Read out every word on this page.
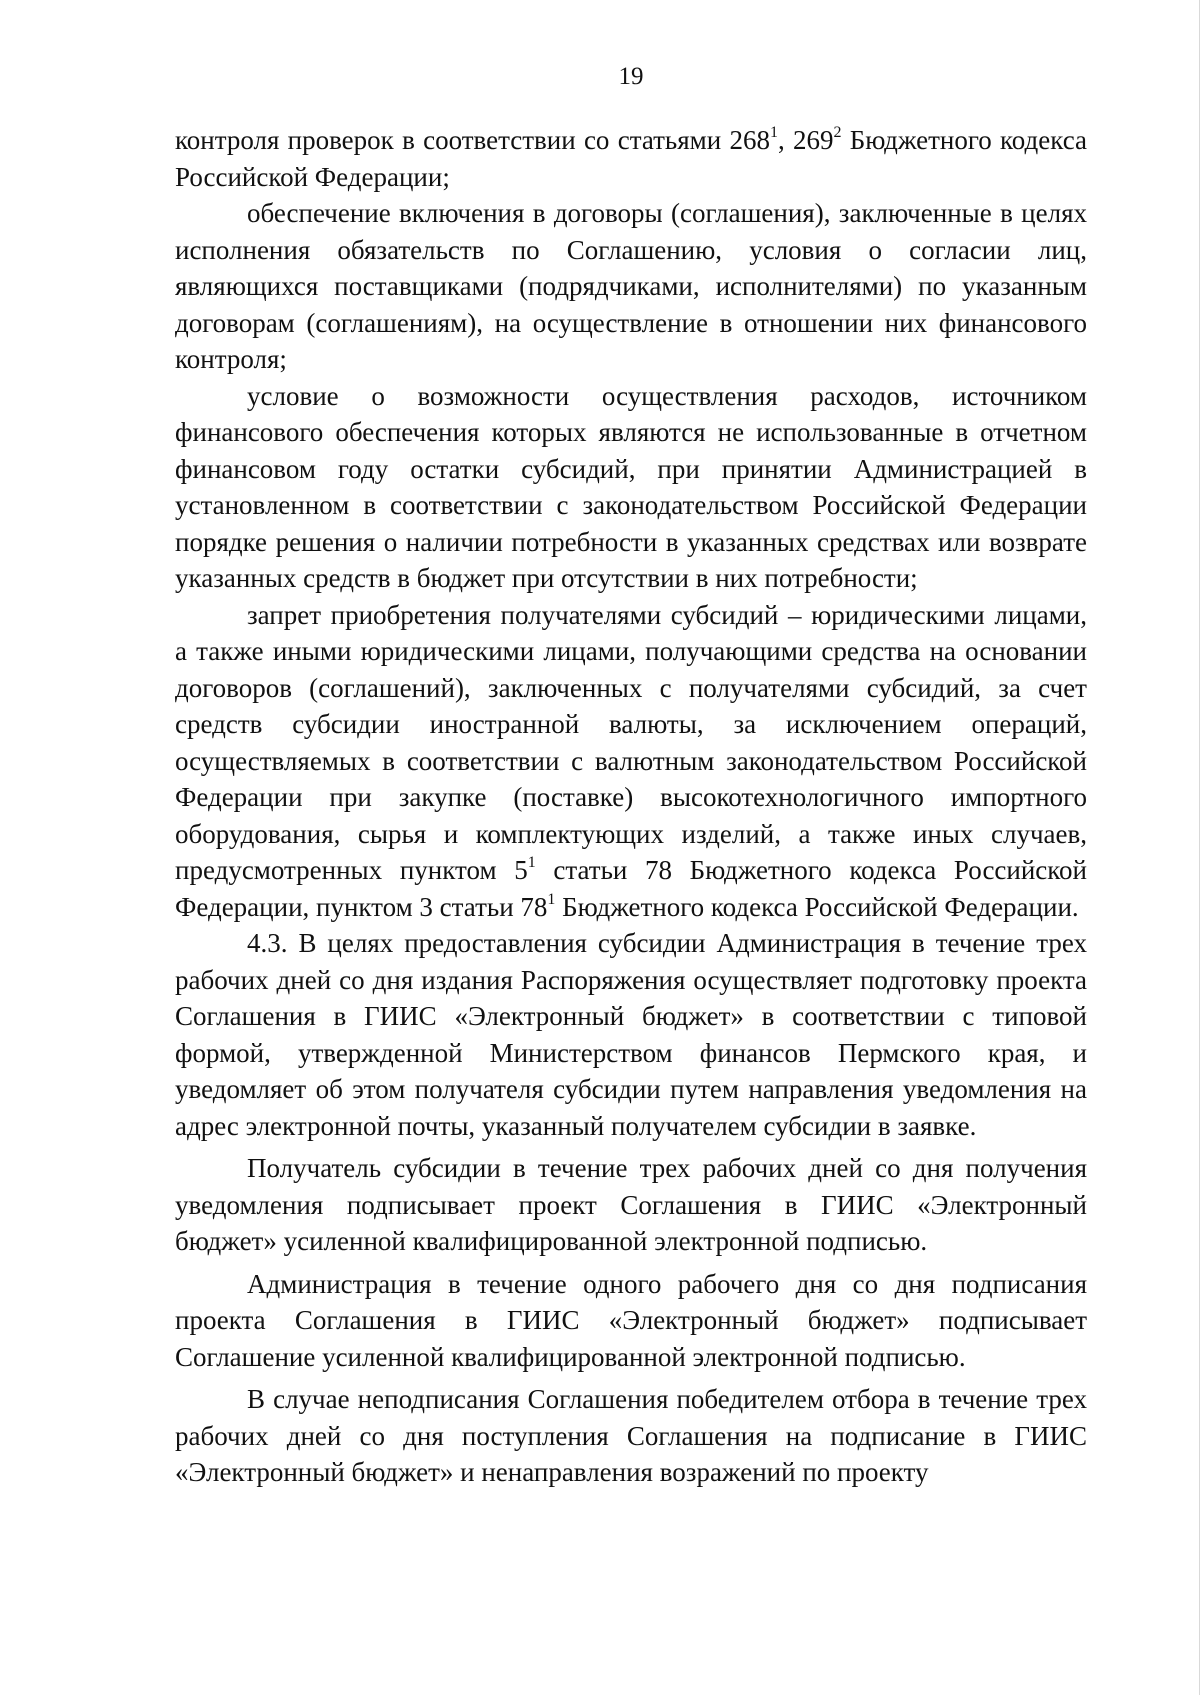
19

контроля проверок в соответствии со статьями $268^1$, $269^2$ Бюджетного кодекса Российской Федерации;

обеспечение включения в договоры (соглашения), заключенные в целях исполнения обязательств по Соглашению, условия о согласии лиц, являющихся поставщиками (подрядчиками, исполнителями) по указанным договорам (соглашениям), на осуществление в отношении них финансового контроля;

условие о возможности осуществления расходов, источником финансового обеспечения которых являются не использованные в отчетном финансовом году остатки субсидий, при принятии Администрацией в установленном в соответствии с законодательством Российской Федерации порядке решения о наличии потребности в указанных средствах или возврате указанных средств в бюджет при отсутствии в них потребности;

запрет приобретения получателями субсидий – юридическими лицами, а также иными юридическими лицами, получающими средства на основании договоров (соглашений), заключенных с получателями субсидий, за счет средств субсидии иностранной валюты, за исключением операций, осуществляемых в соответствии с валютным законодательством Российской Федерации при закупке (поставке) высокотехнологичного импортного оборудования, сырья и комплектующих изделий, а также иных случаев, предусмотренных пунктом $5^1$ статьи 78 Бюджетного кодекса Российской Федерации, пунктом 3 статьи $78^1$ Бюджетного кодекса Российской Федерации.

4.3. В целях предоставления субсидии Администрация в течение трех рабочих дней со дня издания Распоряжения осуществляет подготовку проекта Соглашения в ГИИС «Электронный бюджет» в соответствии с типовой формой, утвержденной Министерством финансов Пермского края, и уведомляет об этом получателя субсидии путем направления уведомления на адрес электронной почты, указанный получателем субсидии в заявке.

Получатель субсидии в течение трех рабочих дней со дня получения уведомления подписывает проект Соглашения в ГИИС «Электронный бюджет» усиленной квалифицированной электронной подписью.

Администрация в течение одного рабочего дня со дня подписания проекта Соглашения в ГИИС «Электронный бюджет» подписывает Соглашение усиленной квалифицированной электронной подписью.

В случае неподписания Соглашения победителем отбора в течение трех рабочих дней со дня поступления Соглашения на подписание в ГИИС «Электронный бюджет» и ненаправления возражений по проекту
